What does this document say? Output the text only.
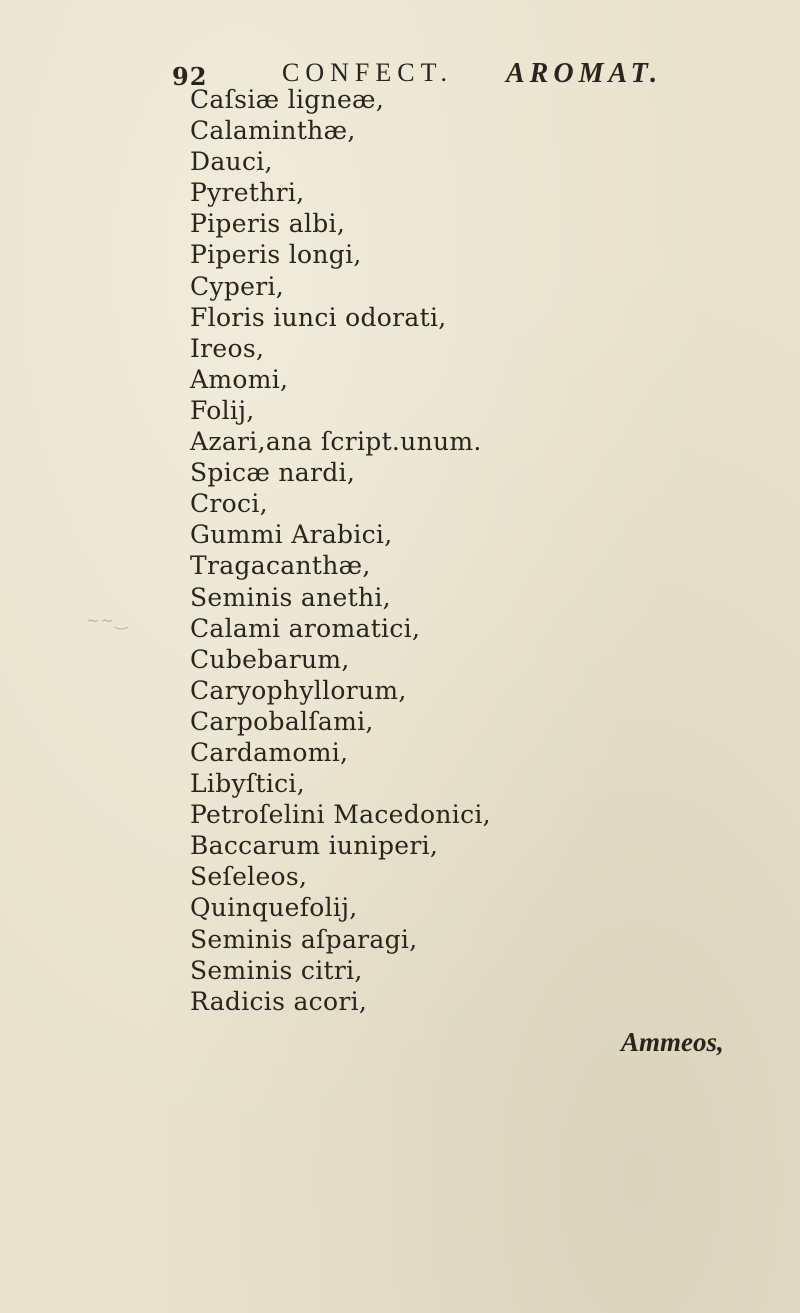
92	CONFECT. AROMAT.
Caſsiæ ligneæ,
Calaminthæ,
Dauci,
Pyrethri,
Piperis albi,
Piperis longi,
Cyperi,
Floris iunci odorati,
Ireos,
Amomi,
Folij,
Azari,ana ſcript.unum.
Spicæ nardi,
Croci,
Gummi Arabici,
Tragacanthæ,
Seminis anethi,
Calami aromatici,
Cubebarum,
Caryophyllorum,
Carpobalſami,
Cardamomi,
Libyſtici,
Petroſelini Macedonici,
Baccarum iuniperi,
Seſeleos,
Quinquefolij,
Seminis aſparagi,
Seminis citri,
Radicis acori,
~~‿
Ammeos,
